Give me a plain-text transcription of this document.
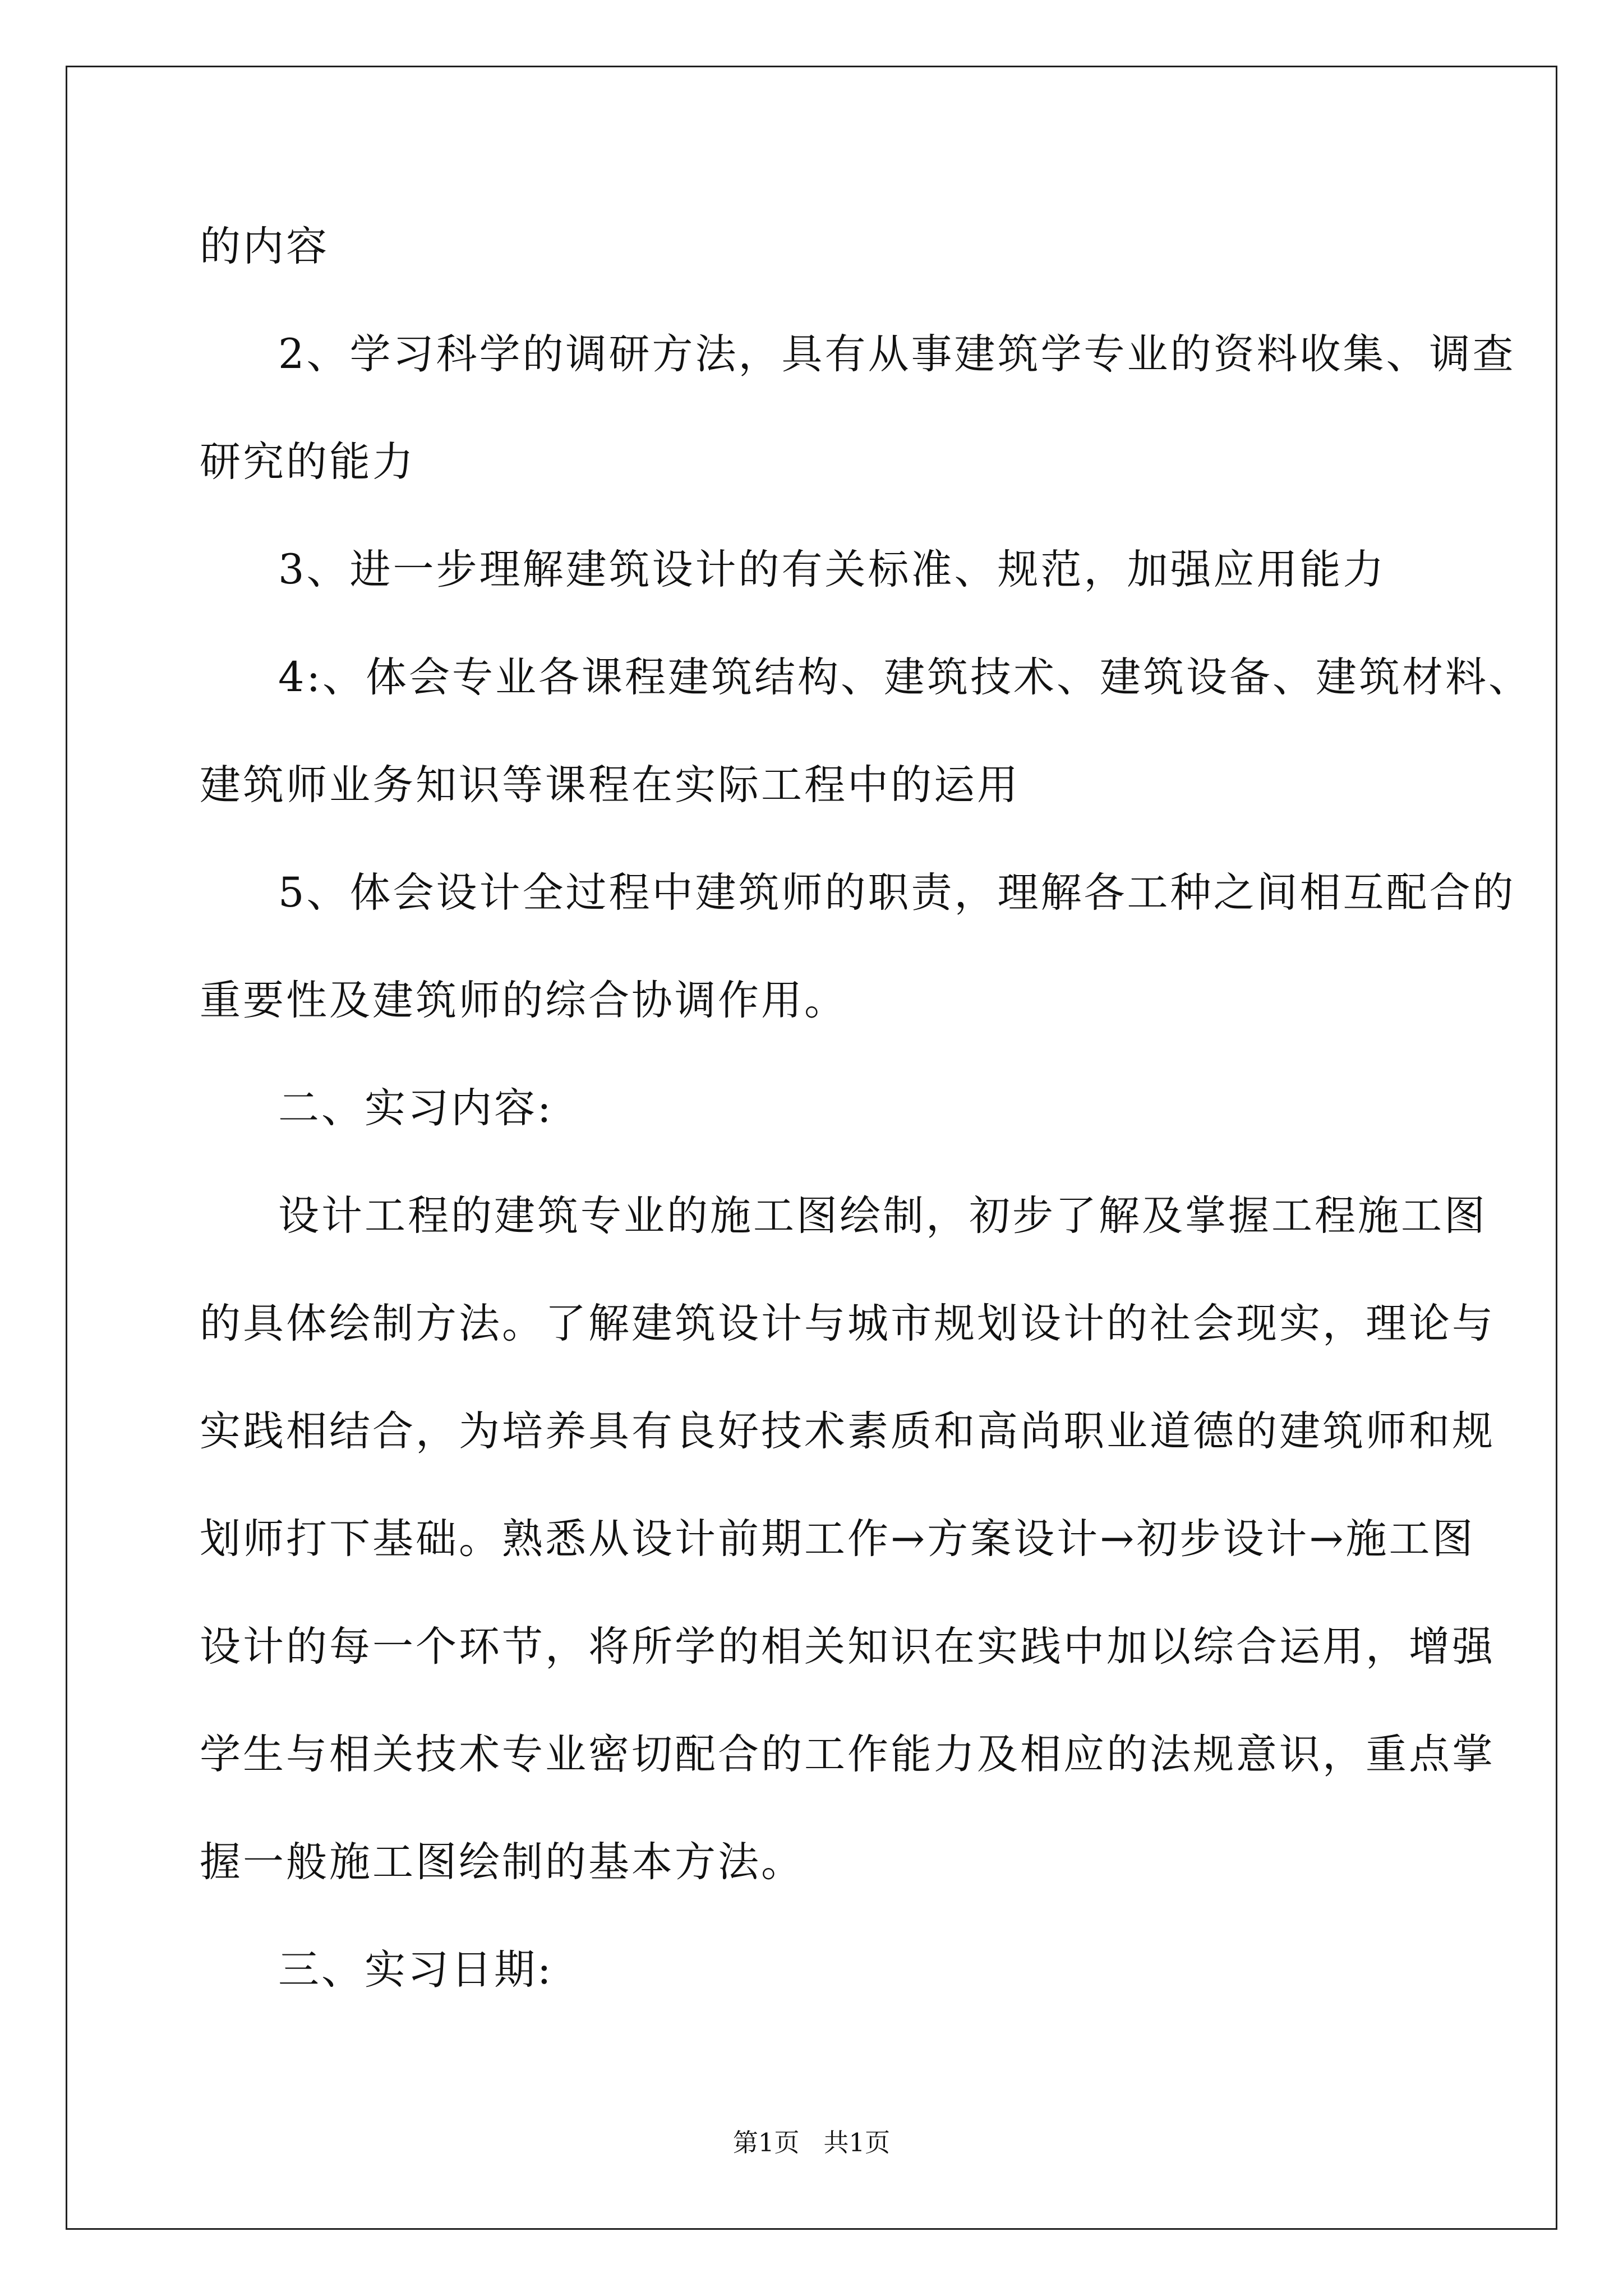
的内容
2、学习科学的调研方法，具有从事建筑学专业的资料收集、调查
研究的能力
3、进一步理解建筑设计的有关标准、规范，加强应用能力
4:、体会专业各课程建筑结构、建筑技术、建筑设备、建筑材料、
建筑师业务知识等课程在实际工程中的运用
5、体会设计全过程中建筑师的职责，理解各工种之间相互配合的
重要性及建筑师的综合协调作用。
二、实习内容:
设计工程的建筑专业的施工图绘制，初步了解及掌握工程施工图
的具体绘制方法。了解建筑设计与城市规划设计的社会现实，理论与
实践相结合，为培养具有良好技术素质和高尚职业道德的建筑师和规
划师打下基础。熟悉从设计前期工作→方案设计→初步设计→施工图
设计的每一个环节，将所学的相关知识在实践中加以综合运用，增强
学生与相关技术专业密切配合的工作能力及相应的法规意识，重点掌
握一般施工图绘制的基本方法。
三、实习日期:
第1页   共1页
